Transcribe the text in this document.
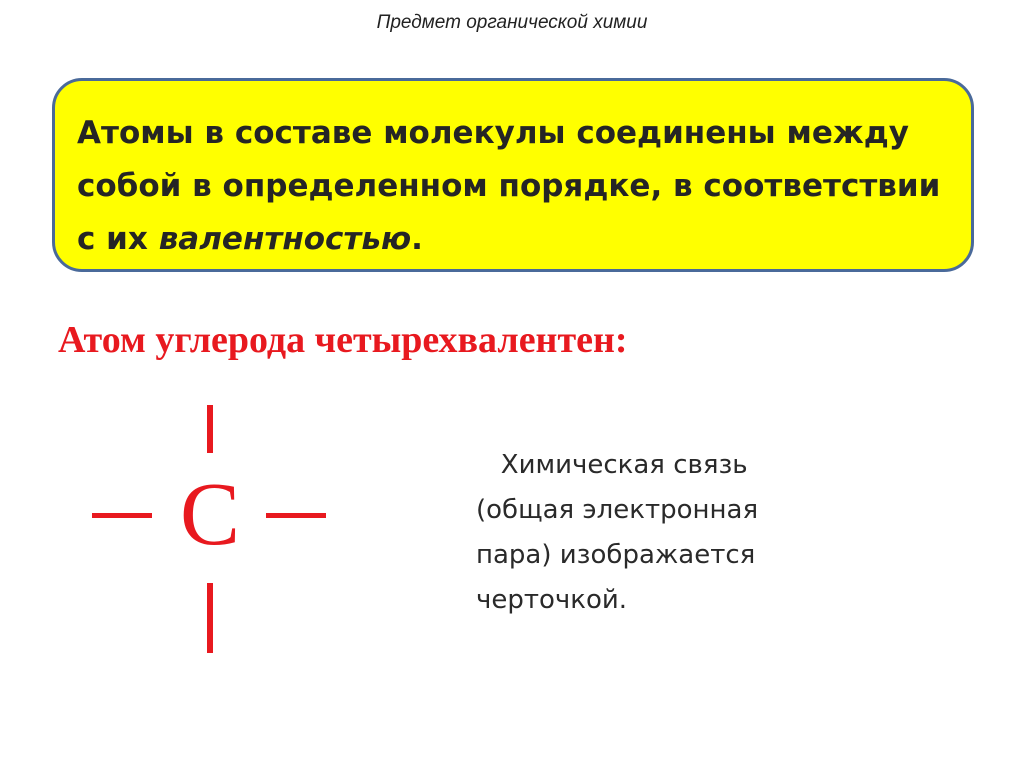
Предмет органической химии

Атомы в составе молекулы соединены между собой в определенном порядке, в соответствии с их валентностью.

Атом углерода четырехвалентен:
С	Химическая связь (общая электронная пара) изображается черточкой.
